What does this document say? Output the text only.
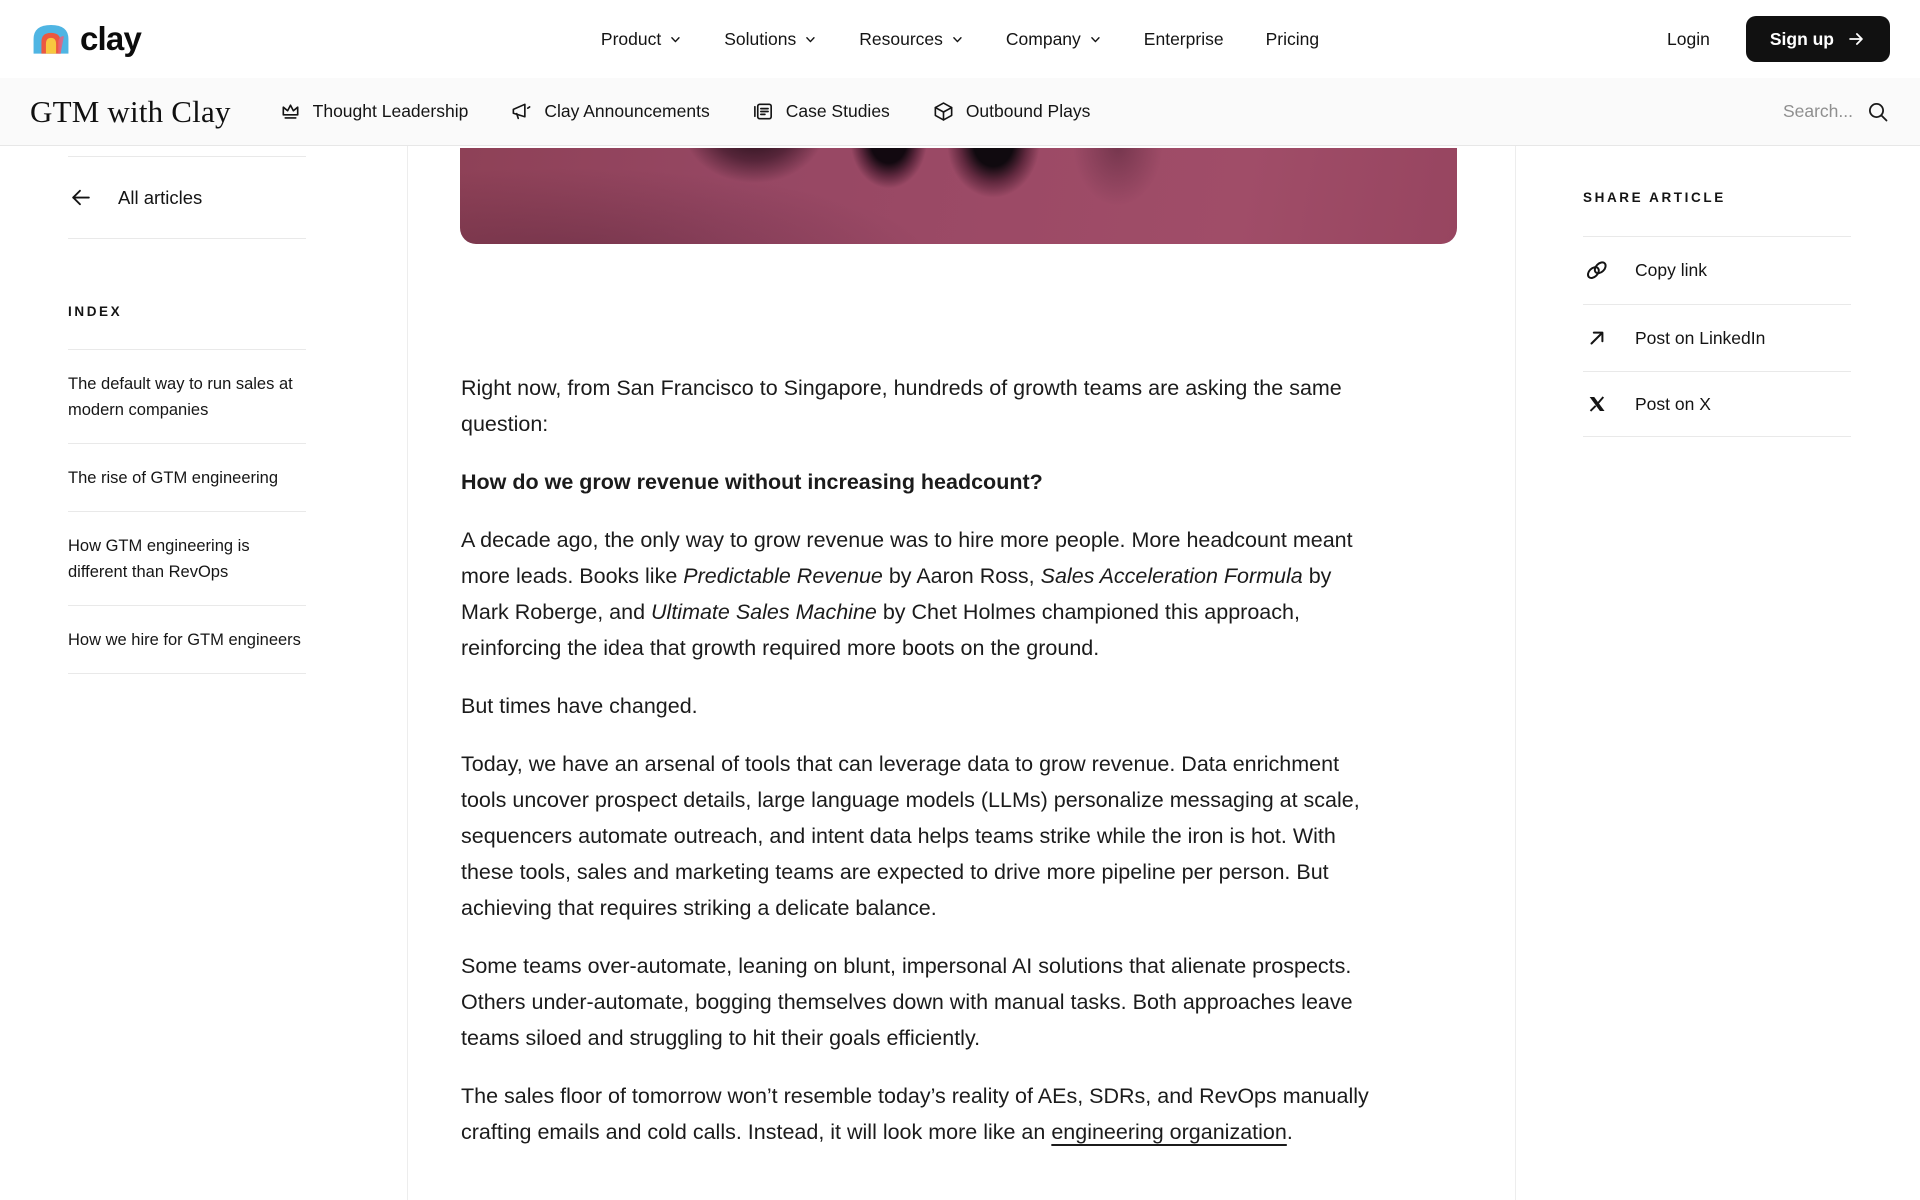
clay	Product	Solutions	Resources	Company	Enterprise Pricing	Login	Sign up
GTM with Clay	Thought Leadership	Clay Announcements	Case Studies	Outbound Plays
Search...
All articles
INDEX
The default way to run sales at modern companies
The rise of GTM engineering
How GTM engineering is different than RevOps
How we hire for GTM engineers

Right now, from San Francisco to Singapore, hundreds of growth teams are asking the same question:

How do we grow revenue without increasing headcount?

A decade ago, the only way to grow revenue was to hire more people. More headcount meant more leads. Books like Predictable Revenue by Aaron Ross, Sales Acceleration Formula by Mark Roberge, and Ultimate Sales Machine by Chet Holmes championed this approach, reinforcing the idea that growth required more boots on the ground.

But times have changed.

Today, we have an arsenal of tools that can leverage data to grow revenue. Data enrichment tools uncover prospect details, large language models (LLMs) personalize messaging at scale, sequencers automate outreach, and intent data helps teams strike while the iron is hot. With these tools, sales and marketing teams are expected to drive more pipeline per person. But achieving that requires striking a delicate balance.

Some teams over-automate, leaning on blunt, impersonal AI solutions that alienate prospects. Others under-automate, bogging themselves down with manual tasks. Both approaches leave teams siloed and struggling to hit their goals efficiently.

The sales floor of tomorrow won’t resemble today’s reality of AEs, SDRs, and RevOps manually crafting emails and cold calls. Instead, it will look more like an engineering organization.

SHARE ARTICLE
Copy link
Post on LinkedIn
Post on X
